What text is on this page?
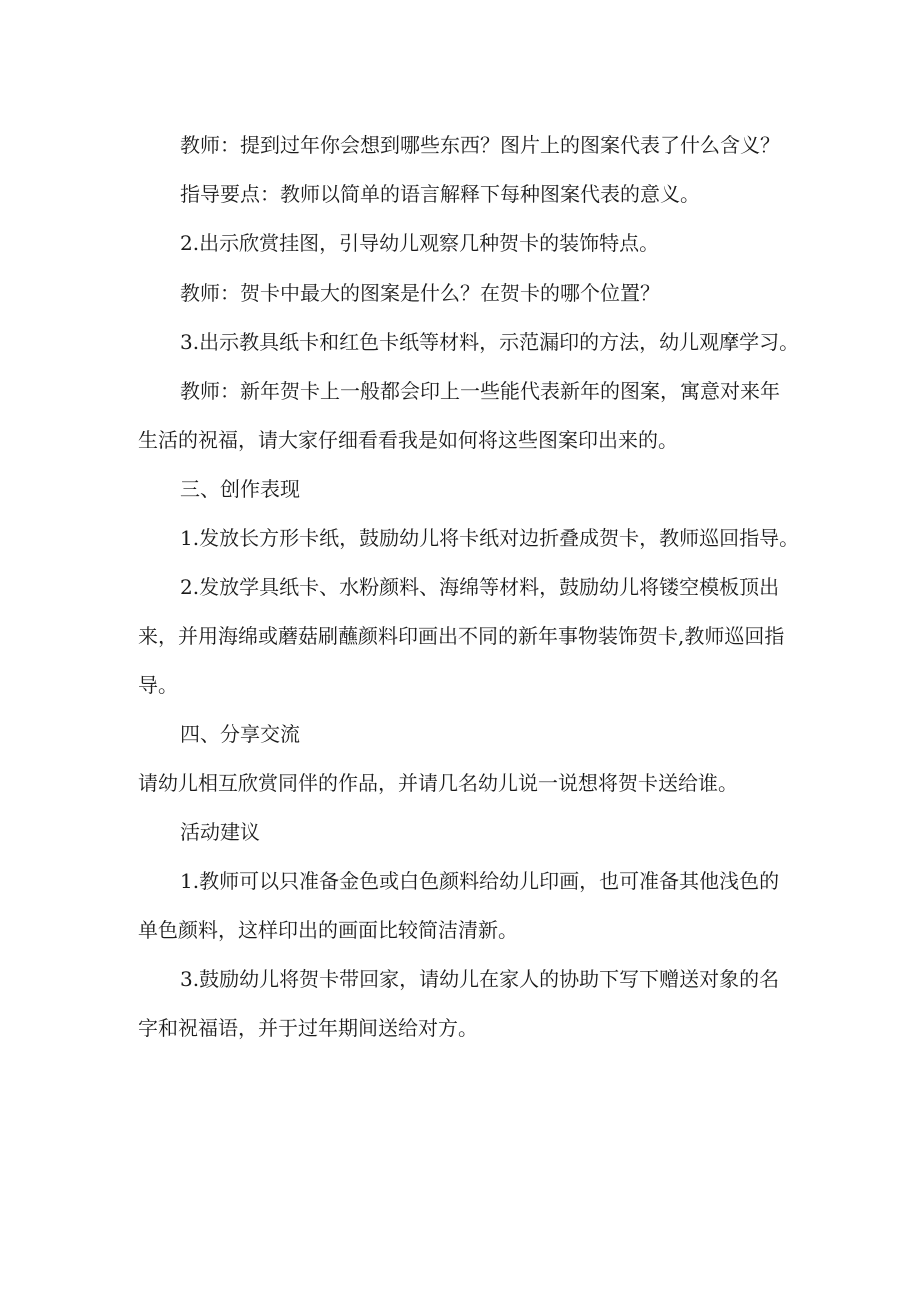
教师：提到过年你会想到哪些东西？图片上的图案代表了什么含义？

指导要点：教师以简单的语言解释下每种图案代表的意义。

2.出示欣赏挂图，引导幼儿观察几种贺卡的装饰特点。

教师：贺卡中最大的图案是什么？在贺卡的哪个位置？

3.出示教具纸卡和红色卡纸等材料，示范漏印的方法，幼儿观摩学习。

教师：新年贺卡上一般都会印上一些能代表新年的图案，寓意对来年

生活的祝福，请大家仔细看看我是如何将这些图案印出来的。

三、创作表现

1.发放长方形卡纸，鼓励幼儿将卡纸对边折叠成贺卡，教师巡回指导。

2.发放学具纸卡、水粉颜料、海绵等材料，鼓励幼儿将镂空模板顶出

来，并用海绵或蘑菇刷蘸颜料印画出不同的新年事物装饰贺卡,教师巡回指

导。

四、分享交流

请幼儿相互欣赏同伴的作品，并请几名幼儿说一说想将贺卡送给谁。

活动建议

1.教师可以只准备金色或白色颜料给幼儿印画，也可准备其他浅色的

单色颜料，这样印出的画面比较简洁清新。

3.鼓励幼儿将贺卡带回家，请幼儿在家人的协助下写下赠送对象的名

字和祝福语，并于过年期间送给对方。
